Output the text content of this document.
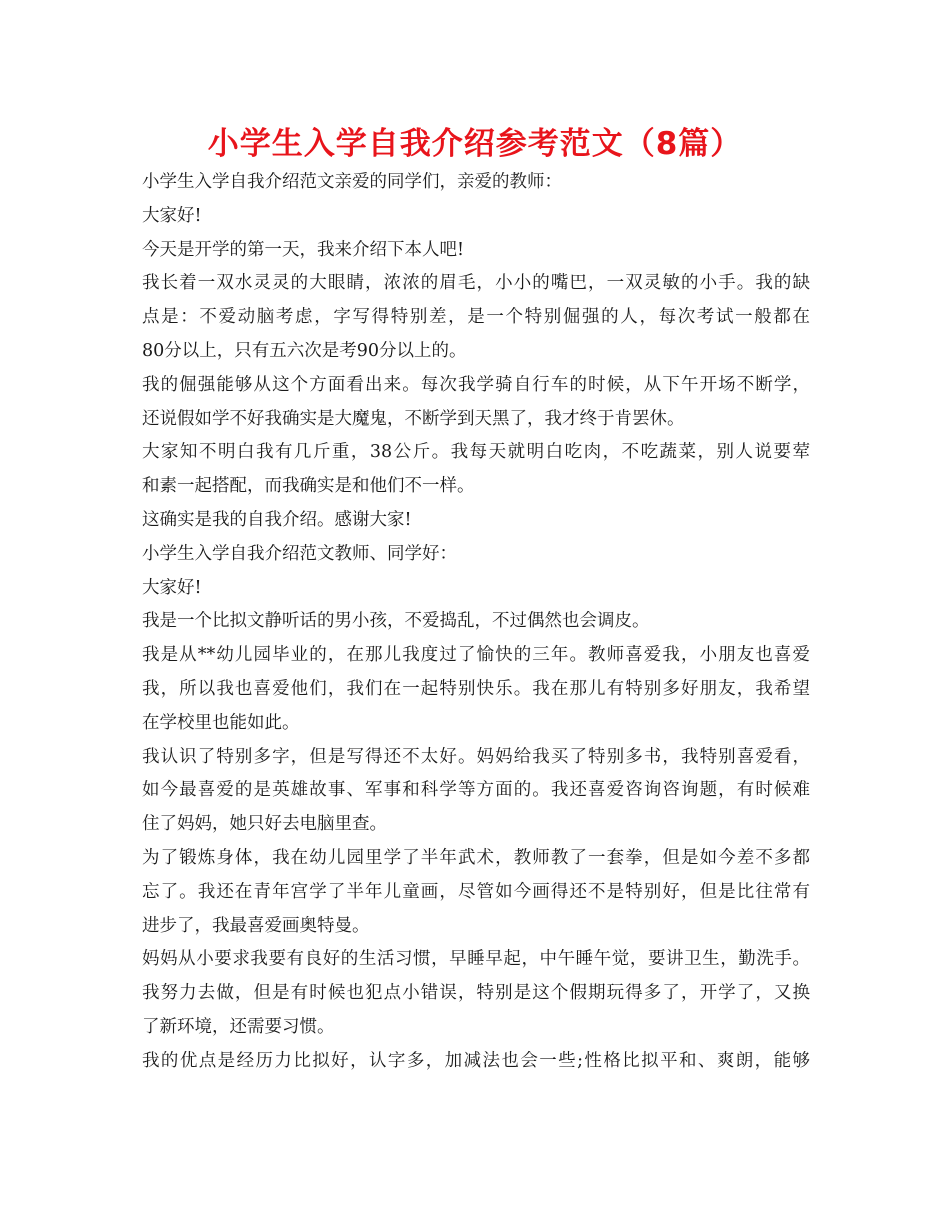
小学生入学自我介绍参考范文（8篇）
小学生入学自我介绍范文亲爱的同学们，亲爱的教师：
大家好!
今天是开学的第一天，我来介绍下本人吧!
我长着一双水灵灵的大眼睛，浓浓的眉毛，小小的嘴巴，一双灵敏的小手。我的缺
点是：不爱动脑考虑，字写得特别差，是一个特别倔强的人，每次考试一般都在
80分以上，只有五六次是考90分以上的。
我的倔强能够从这个方面看出来。每次我学骑自行车的时候，从下午开场不断学，
还说假如学不好我确实是大魔鬼，不断学到天黑了，我才终于肯罢休。
大家知不明白我有几斤重，38公斤。我每天就明白吃肉，不吃蔬菜，别人说要荤
和素一起搭配，而我确实是和他们不一样。
这确实是我的自我介绍。感谢大家!
小学生入学自我介绍范文教师、同学好：
大家好!
我是一个比拟文静听话的男小孩，不爱捣乱，不过偶然也会调皮。
我是从**幼儿园毕业的，在那儿我度过了愉快的三年。教师喜爱我，小朋友也喜爱
我，所以我也喜爱他们，我们在一起特别快乐。我在那儿有特别多好朋友，我希望
在学校里也能如此。
我认识了特别多字，但是写得还不太好。妈妈给我买了特别多书，我特别喜爱看，
如今最喜爱的是英雄故事、军事和科学等方面的。我还喜爱咨询咨询题，有时候难
住了妈妈，她只好去电脑里查。
为了锻炼身体，我在幼儿园里学了半年武术，教师教了一套拳，但是如今差不多都
忘了。我还在青年宫学了半年儿童画，尽管如今画得还不是特别好，但是比往常有
进步了，我最喜爱画奥特曼。
妈妈从小要求我要有良好的生活习惯，早睡早起，中午睡午觉，要讲卫生，勤洗手。
我努力去做，但是有时候也犯点小错误，特别是这个假期玩得多了，开学了，又换
了新环境，还需要习惯。
我的优点是经历力比拟好，认字多，加减法也会一些;性格比拟平和、爽朗，能够
